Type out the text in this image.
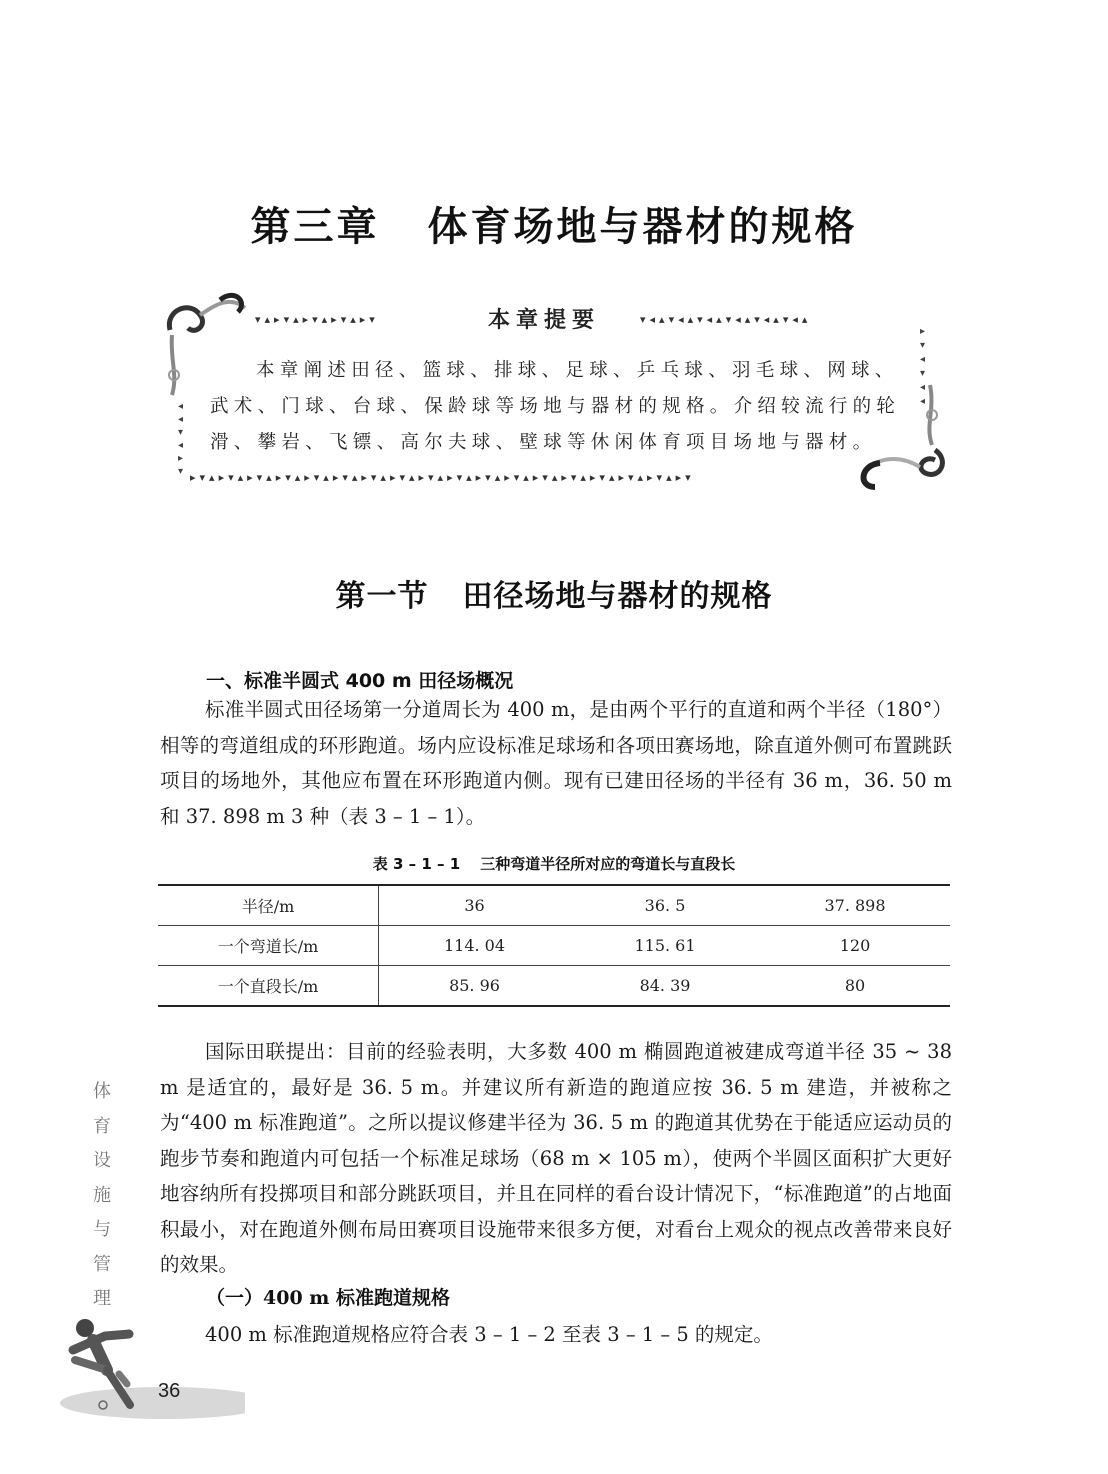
第三章 体育场地与器材的规格
▾▴▸▾▴▸▾▴▸▾▴▸▾	本章提要	▾◂▴▾◂▴▾◂▴▾◂▴▾◂▴▾◂▴
◂
◂
▾
◂
▸
▾
▸
▾
◂
▾
◂
◂
本章阐述田径、篮球、排球、足球、乒乓球、羽毛球、网球、武术、门球、台球、保龄球等场地与器材的规格。介绍较流行的轮滑、攀岩、飞镖、高尔夫球、壁球等休闲体育项目场地与器材。
▸▾▴▸▾▴▸▾▴▸▾▴▸▾▴▸▾▴▸▾▴▸▾▴▸▾▴▸▾▴▸▾▴▸▾▴▸▾▴▸▾▴▸▾▴▸▾▴▸▾▴▸▾
第一节 田径场地与器材的规格
一、标准半圆式 400 m 田径场概况

标准半圆式田径场第一分道周长为 400 m，是由两个平行的直道和两个半径（180°）相等的弯道组成的环形跑道。场内应设标准足球场和各项田赛场地，除直道外侧可布置跳跃项目的场地外，其他应布置在环形跑道内侧。现有已建田径场的半径有 36 m，36. 50 m 和 37. 898 m 3 种（表 3 – 1 – 1）。

表 3 – 1 – 1 三种弯道半径所对应的弯道长与直段长
半径/m	36	36. 5	37. 898
一个弯道长/m	114. 04	115. 61	120
一个直段长/m	85. 96	84. 39	80

国际田联提出：目前的经验表明，大多数 400 m 椭圆跑道被建成弯道半径 35 ~ 38 m 是适宜的，最好是 36. 5 m。并建议所有新造的跑道应按 36. 5 m 建造，并被称之为“400 m 标准跑道”。之所以提议修建半径为 36. 5 m 的跑道其优势在于能适应运动员的跑步节奏和跑道内可包括一个标准足球场（68 m × 105 m），使两个半圆区面积扩大更好地容纳所有投掷项目和部分跳跃项目，并且在同样的看台设计情况下，“标准跑道”的占地面积最小，对在跑道外侧布局田赛项目设施带来很多方便，对看台上观众的视点改善带来良好的效果。

（一）400 m 标准跑道规格

400 m 标准跑道规格应符合表 3 – 1 – 2 至表 3 – 1 – 5 的规定。

体
育
设
施
与
管
理
36
